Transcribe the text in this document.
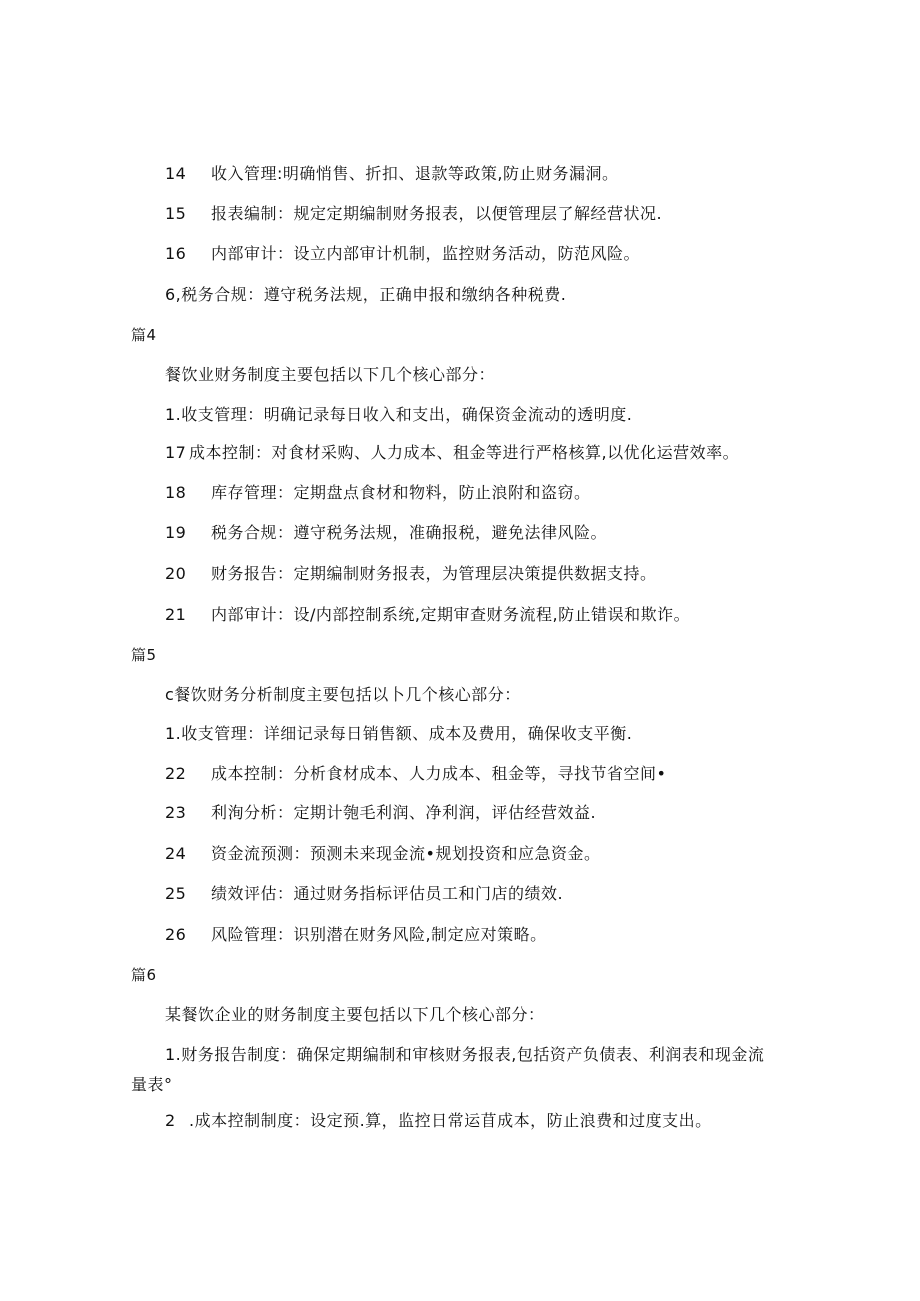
14 收入管理:明确悄售、折扣、退款等政策,防止财务漏洞。
15 报表编制：规定定期编制财务报表，以便管理层了解经营状况.
16 内部审计：设立内部审计机制，监控财务活动，防范风险。
6,税务合规：遵守税务法规，正确申报和缴纳各种税费.
篇4
餐饮业财务制度主要包括以下几个核心部分：
1.收支管理：明确记录每日收入和支出，确保资金流动的透明度.
17 成本控制：对食材采购、人力成本、租金等进行严格核算,以优化运营效率。
18 库存管理：定期盘点食材和物料，防止浪附和盗窃。
19 税务合规：遵守税务法规，准确报税，避免法律风险。
20 财务报告：定期编制财务报表，为管理层决策提供数据支持。
21 内部审计：设/内部控制系统,定期审查财务流程,防止错误和欺诈。
篇5
c餐饮财务分析制度主要包括以卜几个核心部分：
1.收支管理：详细记录每日销售额、成本及费用，确保收支平衡.
22 成本控制：分析食材成本、人力成本、租金等，寻找节省空间•
23 利洵分析：定期计匏毛利润、净利润，评估经营效益.
24 资金流预测：预测未来现金流•规划投资和应急资金。
25 绩效评估：通过财务指标评估员工和门店的绩效.
26 风险管理：识别潜在财务风险,制定应对策略。
篇6
某餐饮企业的财务制度主要包括以下几个核心部分：
1.财务报告制度：确保定期编制和审核财务报表,包括资产负债表、利润表和现金流
量表°
2 .成本控制制度：设定预.算，监控日常运苜成本，防止浪费和过度支出。
